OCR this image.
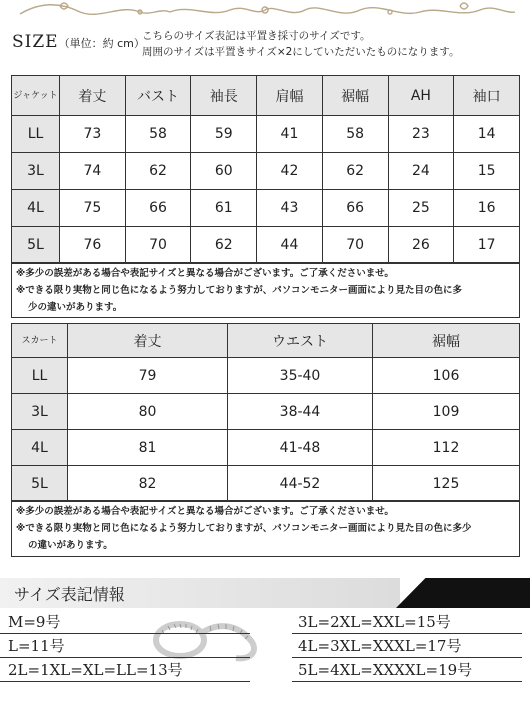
SIZE（単位：約 cm）
こちらのサイズ表記は平置き採寸のサイズです。
周囲のサイズは平置きサイズ×2にしていただいたものになります。
ジャケット	着丈	バスト	袖長	肩幅	裾幅	AH	袖口
LL	73	58	59	41	58	23	14
3L	74	62	60	42	62	24	15
4L	75	66	61	43	66	25	16
5L	76	70	62	44	70	26	17
※多少の誤差がある場合や表記サイズと異なる場合がございます。ご了承くださいませ。
※できる限り実物と同じ色になるよう努力しておりますが、パソコンモニター画面により見た目の色に多
少の違いがあります。
スカート	着丈	ウエスト	裾幅
LL	79	35-40	106
3L	80	38-44	109
4L	81	41-48	112
5L	82	44-52	125
※多少の誤差がある場合や表記サイズと異なる場合がございます。ご了承くださいませ。
※できる限り実物と同じ色になるよう努力しておりますが、パソコンモニター画面により見た目の色に多少
の違いがあります。
サイズ表記情報
M=9号
L=11号
2L=1XL=XL=LL=13号
3L=2XL=XXL=15号
4L=3XL=XXXL=17号
5L=4XL=XXXXL=19号
